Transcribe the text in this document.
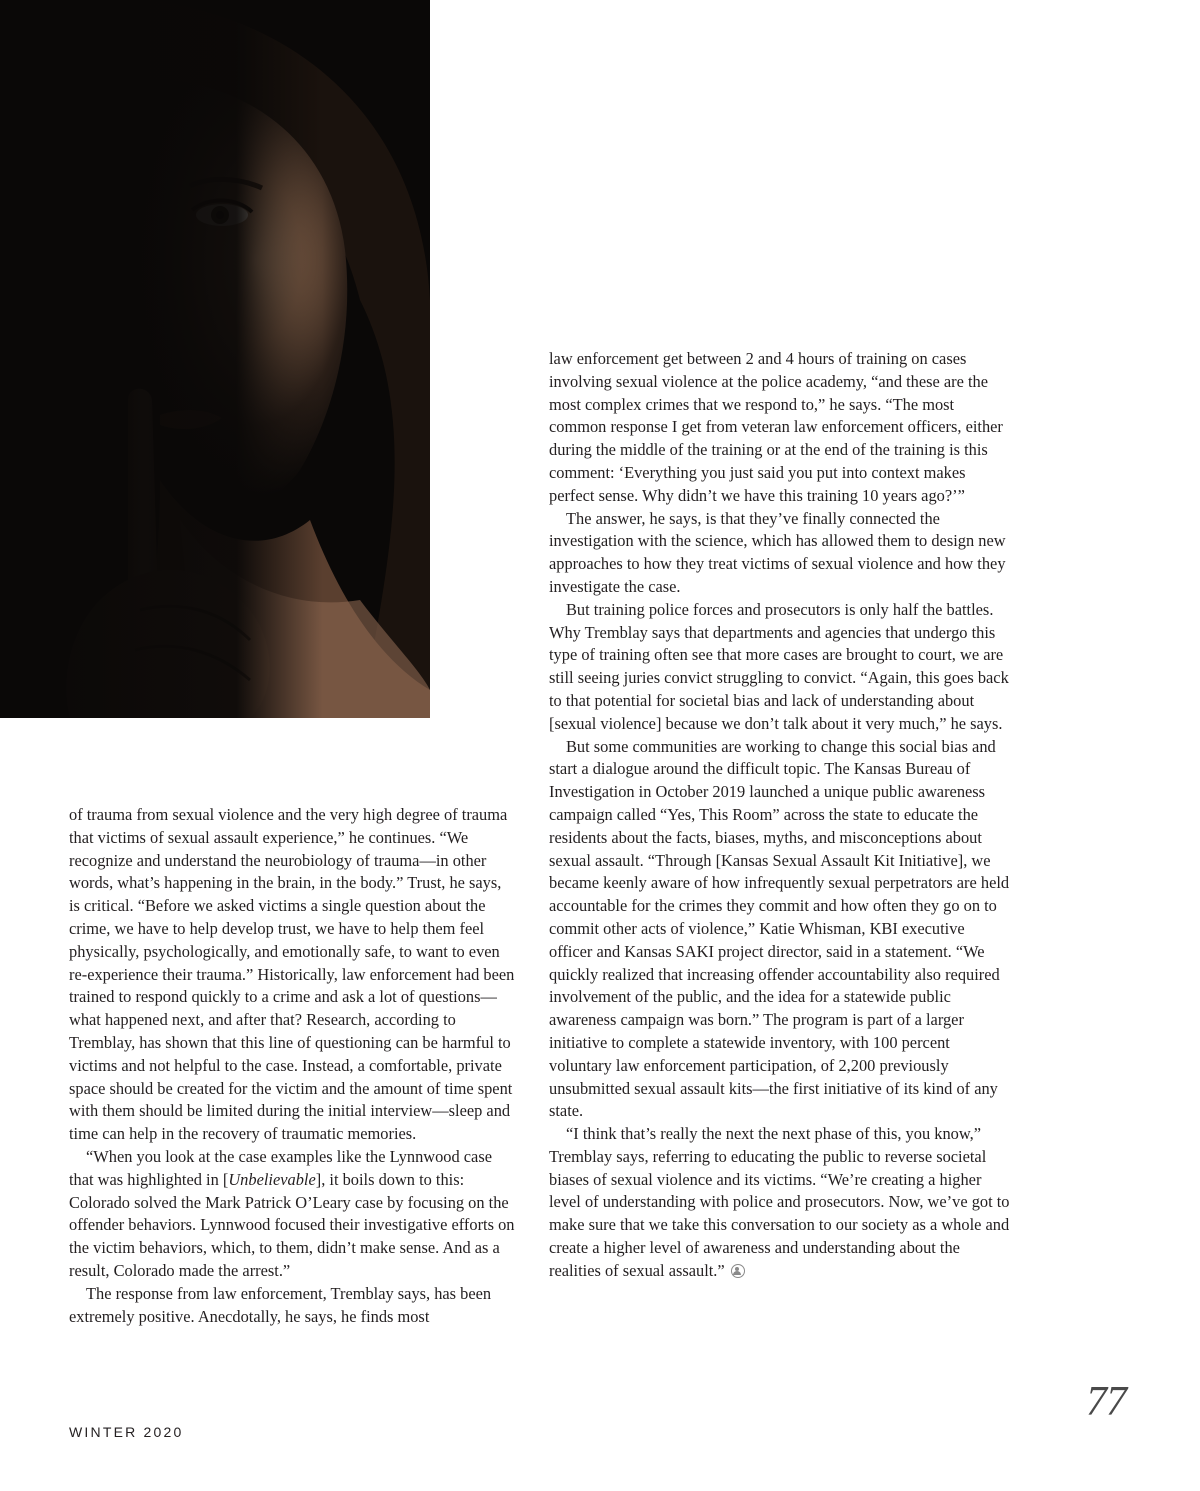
of trauma from sexual violence and the very high degree of trauma that victims of sexual assault experience,” he continues. “We recognize and understand the neurobiology of trauma—in other words, what’s happening in the brain, in the body.” Trust, he says, is critical. “Before we asked victims a single question about the crime, we have to help develop trust, we have to help them feel physically, psychologically, and emotionally safe, to want to even re-experience their trauma.” Historically, law enforcement had been trained to respond quickly to a crime and ask a lot of questions—what happened next, and after that? Research, according to Tremblay, has shown that this line of questioning can be harmful to victims and not helpful to the case. Instead, a comfortable, private space should be created for the victim and the amount of time spent with them should be limited during the initial interview—sleep and time can help in the recovery of traumatic memories.

“When you look at the case examples like the Lynnwood case that was highlighted in [Unbelievable], it boils down to this: Colorado solved the Mark Patrick O’Leary case by focusing on the offender behaviors. Lynnwood focused their investigative efforts on the victim behaviors, which, to them, didn’t make sense. And as a result, Colorado made the arrest.”

The response from law enforcement, Tremblay says, has been extremely positive. Anecdotally, he says, he finds most

law enforcement get between 2 and 4 hours of training on cases involving sexual violence at the police academy, “and these are the most complex crimes that we respond to,” he says. “The most common response I get from veteran law enforcement officers, either during the middle of the training or at the end of the training is this comment: ‘Everything you just said you put into context makes perfect sense. Why didn’t we have this training 10 years ago?’”

The answer, he says, is that they’ve finally connected the investigation with the science, which has allowed them to design new approaches to how they treat victims of sexual violence and how they investigate the case.

But training police forces and prosecutors is only half the battles. Why Tremblay says that departments and agencies that undergo this type of training often see that more cases are brought to court, we are still seeing juries convict struggling to convict. “Again, this goes back to that potential for societal bias and lack of understanding about [sexual violence] because we don’t talk about it very much,” he says.

But some communities are working to change this social bias and start a dialogue around the difficult topic. The Kansas Bureau of Investigation in October 2019 launched a unique public awareness campaign called “Yes, This Room” across the state to educate the residents about the facts, biases, myths, and misconceptions about sexual assault. “Through [Kansas Sexual Assault Kit Initiative], we became keenly aware of how infrequently sexual perpetrators are held accountable for the crimes they commit and how often they go on to commit other acts of violence,” Katie Whisman, KBI executive officer and Kansas SAKI project director, said in a statement. “We quickly realized that increasing offender accountability also required involvement of the public, and the idea for a statewide public awareness campaign was born.” The program is part of a larger initiative to complete a statewide inventory, with 100 percent voluntary law enforcement participation, of 2,200 previously unsubmitted sexual assault kits—the first initiative of its kind of any state.

“I think that’s really the next the next phase of this, you know,” Tremblay says, referring to educating the public to reverse societal biases of sexual violence and its victims. “We’re creating a higher level of understanding with police and prosecutors. Now, we’ve got to make sure that we take this conversation to our society as a whole and create a higher level of awareness and understanding about the realities of sexual assault.”

WINTER 2020
77
